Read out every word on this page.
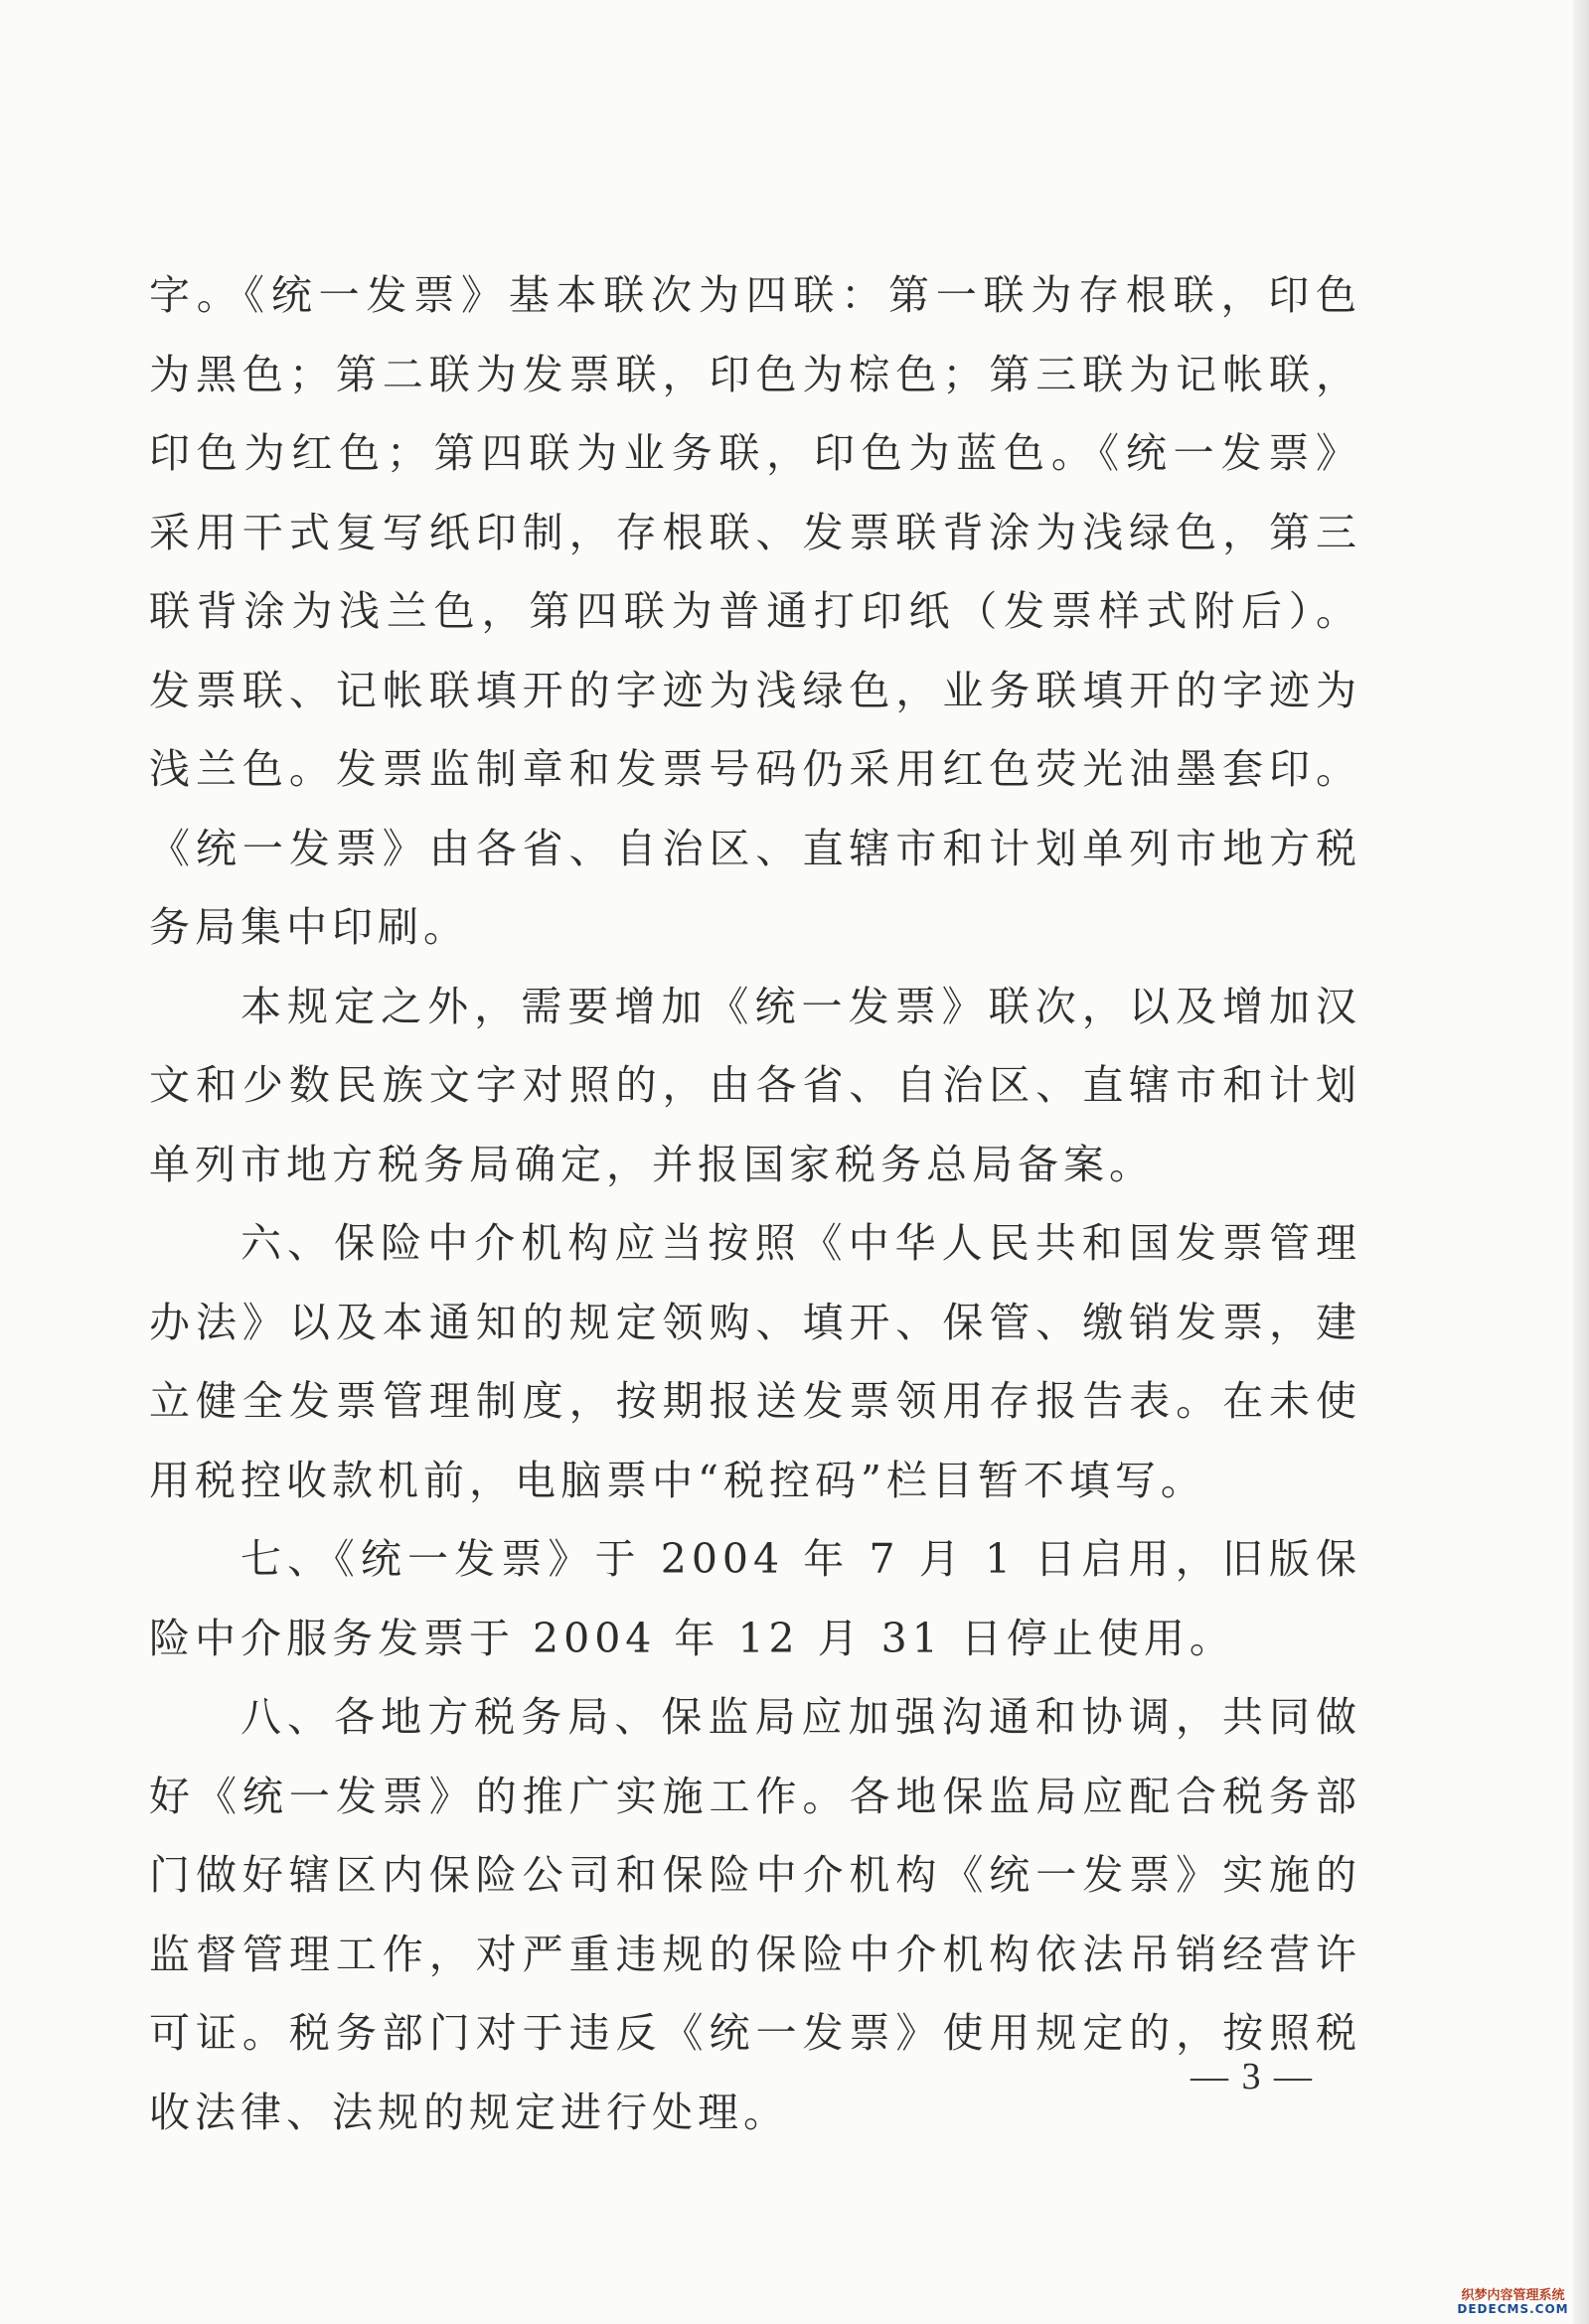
字。《统一发票》基本联次为四联：第一联为存根联，印色为黑色；第二联为发票联，印色为棕色；第三联为记帐联，印色为红色；第四联为业务联，印色为蓝色。《统一发票》采用干式复写纸印制，存根联、发票联背涂为浅绿色，第三联背涂为浅兰色，第四联为普通打印纸（发票样式附后）。发票联、记帐联填开的字迹为浅绿色，业务联填开的字迹为浅兰色。发票监制章和发票号码仍采用红色荧光油墨套印。《统一发票》由各省、自治区、直辖市和计划单列市地方税务局集中印刷。

本规定之外，需要增加《统一发票》联次，以及增加汉文和少数民族文字对照的，由各省、自治区、直辖市和计划单列市地方税务局确定，并报国家税务总局备案。

六、保险中介机构应当按照《中华人民共和国发票管理办法》以及本通知的规定领购、填开、保管、缴销发票，建立健全发票管理制度，按期报送发票领用存报告表。在未使用税控收款机前，电脑票中“税控码”栏目暂不填写。

七、《统一发票》于 2004 年 7 月 1 日启用，旧版保险中介服务发票于 2004 年 12 月 31 日停止使用。

八、各地方税务局、保监局应加强沟通和协调，共同做好《统一发票》的推广实施工作。各地保监局应配合税务部门做好辖区内保险公司和保险中介机构《统一发票》实施的监督管理工作，对严重违规的保险中介机构依法吊销经营许可证。税务部门对于违反《统一发票》使用规定的，按照税收法律、法规的规定进行处理。

— 3 —
织梦内容管理系统
DEDECMS.COM
